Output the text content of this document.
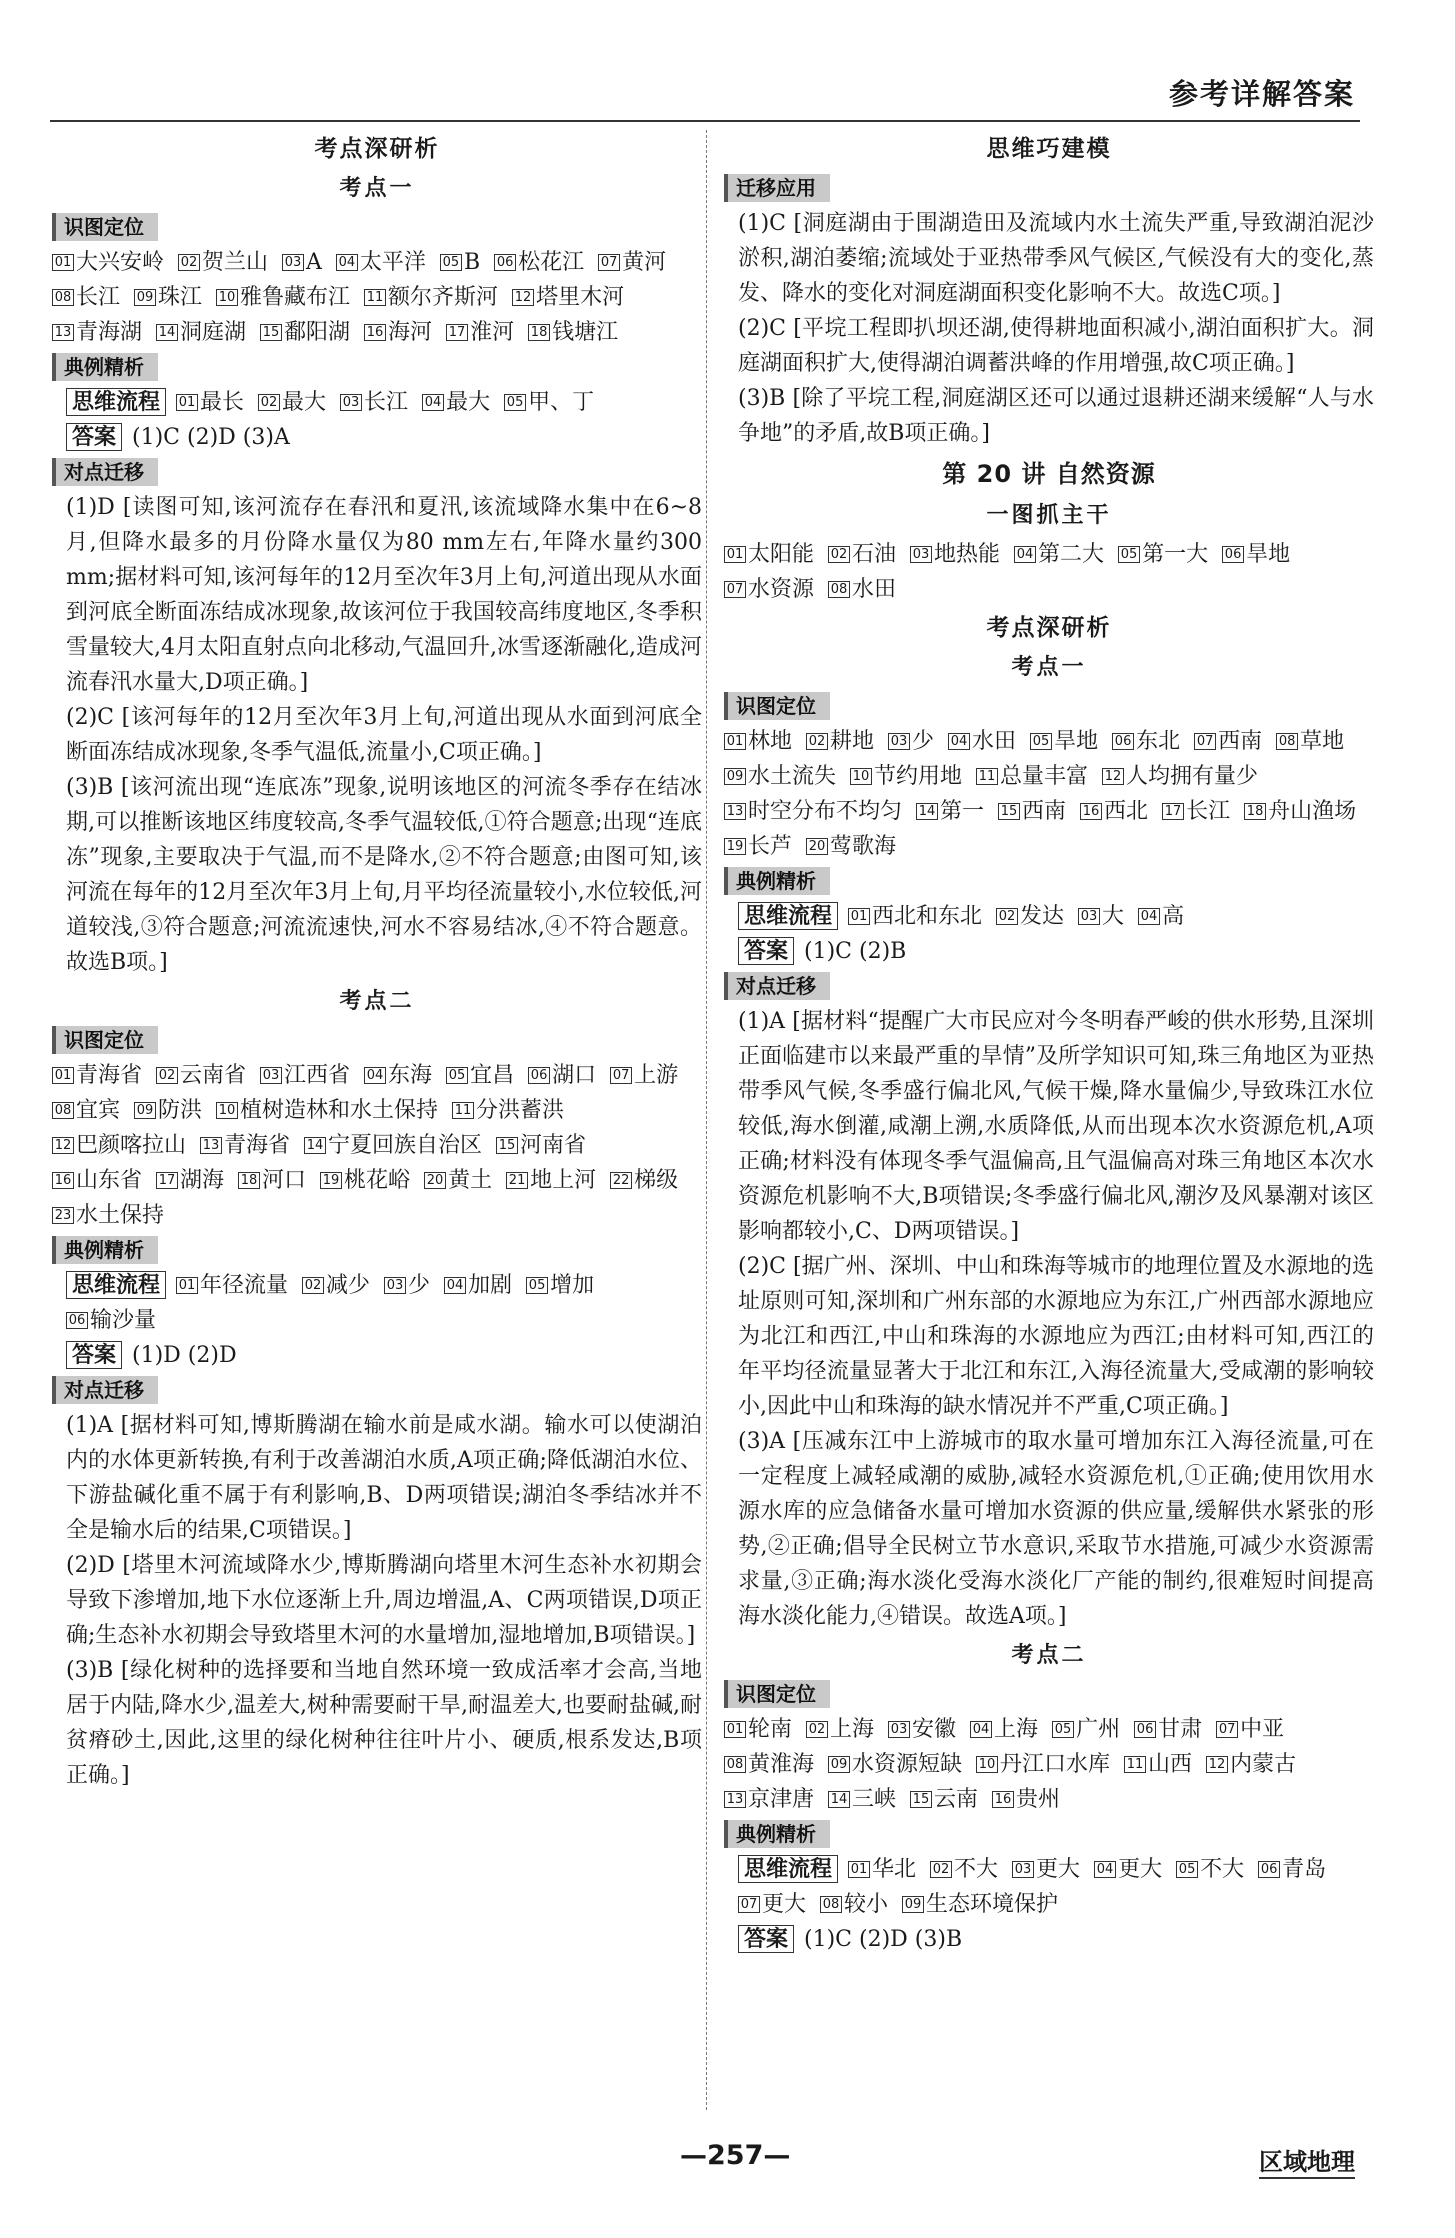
参考详解答案
考点深研析
考点一
识图定位
01 大兴安岭 02 贺兰山 03 A 04 太平洋 05 B 06 松花江 07 黄河
08 长江 09 珠江 10 雅鲁藏布江 11 额尔齐斯河 12 塔里木河
13 青海湖 14 洞庭湖 15 鄱阳湖 16 海河 17 淮河 18 钱塘江
典例精析
思维流程 01 最长 02 最大 03 长江 04 最大 05 甲、丁
答案 (1)C (2)D (3)A
对点迁移
(1)D [读图可知,该河流存在春汛和夏汛,该流域降水集中在6~8月,但降水最多的月份降水量仅为80 mm左右,年降水量约300 mm;据材料可知,该河每年的12月至次年3月上旬,河道出现从水面到河底全断面冻结成冰现象,故该河位于我国较高纬度地区,冬季积雪量较大,4月太阳直射点向北移动,气温回升,冰雪逐渐融化,造成河流春汛水量大,D项正确。]
(2)C [该河每年的12月至次年3月上旬,河道出现从水面到河底全断面冻结成冰现象,冬季气温低,流量小,C项正确。]
(3)B [该河流出现“连底冻”现象,说明该地区的河流冬季存在结冰期,可以推断该地区纬度较高,冬季气温较低,①符合题意;出现“连底冻”现象,主要取决于气温,而不是降水,②不符合题意;由图可知,该河流在每年的12月至次年3月上旬,月平均径流量较小,水位较低,河道较浅,③符合题意;河流流速快,河水不容易结冰,④不符合题意。故选B项。]
考点二
识图定位
01 青海省 02 云南省 03 江西省 04 东海 05 宜昌 06 湖口 07 上游
08 宜宾 09 防洪 10 植树造林和水土保持 11 分洪蓄洪
12 巴颜喀拉山 13 青海省 14 宁夏回族自治区 15 河南省
16 山东省 17 湖海 18 河口 19 桃花峪 20 黄土 21 地上河 22 梯级
23 水土保持
典例精析
思维流程 01 年径流量 02 减少 03 少 04 加剧 05 增加06 输沙量
答案 (1)D (2)D
对点迁移
(1)A [据材料可知,博斯腾湖在输水前是咸水湖。输水可以使湖泊内的水体更新转换,有利于改善湖泊水质,A项正确;降低湖泊水位、下游盐碱化重不属于有利影响,B、D两项错误;湖泊冬季结冰并不全是输水后的结果,C项错误。]
(2)D [塔里木河流域降水少,博斯腾湖向塔里木河生态补水初期会导致下渗增加,地下水位逐渐上升,周边增温,A、C两项错误,D项正确;生态补水初期会导致塔里木河的水量增加,湿地增加,B项错误。]
(3)B [绿化树种的选择要和当地自然环境一致成活率才会高,当地居于内陆,降水少,温差大,树种需要耐干旱,耐温差大,也要耐盐碱,耐贫瘠砂土,因此,这里的绿化树种往往叶片小、硬质,根系发达,B项正确。]
思维巧建模
迁移应用
(1)C [洞庭湖由于围湖造田及流域内水土流失严重,导致湖泊泥沙淤积,湖泊萎缩;流域处于亚热带季风气候区,气候没有大的变化,蒸发、降水的变化对洞庭湖面积变化影响不大。故选C项。]
(2)C [平垸工程即扒坝还湖,使得耕地面积减小,湖泊面积扩大。洞庭湖面积扩大,使得湖泊调蓄洪峰的作用增强,故C项正确。]
(3)B [除了平垸工程,洞庭湖区还可以通过退耕还湖来缓解“人与水争地”的矛盾,故B项正确。]
第 20 讲 自然资源
一图抓主干
01 太阳能 02 石油 03 地热能 04 第二大 05 第一大 06 旱地
07 水资源 08 水田
考点深研析
考点一
识图定位
01 林地 02 耕地 03 少 04 水田 05 旱地 06 东北 07 西南 08 草地
09 水土流失 10 节约用地 11 总量丰富 12 人均拥有量少
13 时空分布不均匀 14 第一 15 西南 16 西北 17 长江 18 舟山渔场
19 长芦 20 莺歌海
典例精析
思维流程 01 西北和东北 02 发达 03 大 04 高
答案 (1)C (2)B
对点迁移
(1)A [据材料“提醒广大市民应对今冬明春严峻的供水形势,且深圳正面临建市以来最严重的旱情”及所学知识可知,珠三角地区为亚热带季风气候,冬季盛行偏北风,气候干燥,降水量偏少,导致珠江水位较低,海水倒灌,咸潮上溯,水质降低,从而出现本次水资源危机,A项正确;材料没有体现冬季气温偏高,且气温偏高对珠三角地区本次水资源危机影响不大,B项错误;冬季盛行偏北风,潮汐及风暴潮对该区影响都较小,C、D两项错误。]
(2)C [据广州、深圳、中山和珠海等城市的地理位置及水源地的选址原则可知,深圳和广州东部的水源地应为东江,广州西部水源地应为北江和西江,中山和珠海的水源地应为西江;由材料可知,西江的年平均径流量显著大于北江和东江,入海径流量大,受咸潮的影响较小,因此中山和珠海的缺水情况并不严重,C项正确。]
(3)A [压减东江中上游城市的取水量可增加东江入海径流量,可在一定程度上减轻咸潮的威胁,减轻水资源危机,①正确;使用饮用水源水库的应急储备水量可增加水资源的供应量,缓解供水紧张的形势,②正确;倡导全民树立节水意识,采取节水措施,可减少水资源需求量,③正确;海水淡化受海水淡化厂产能的制约,很难短时间提高海水淡化能力,④错误。故选A项。]
考点二
识图定位
01 轮南 02 上海 03 安徽 04 上海 05 广州 06 甘肃 07 中亚
08 黄淮海 09 水资源短缺 10 丹江口水库 11 山西 12 内蒙古
13 京津唐 14 三峡 15 云南 16 贵州
典例精析
思维流程 01 华北 02 不大 03 更大 04 更大 05 不大 06 青岛07 更大 08 较小 09 生态环境保护
答案 (1)C (2)D (3)B
—257—	区域地理
